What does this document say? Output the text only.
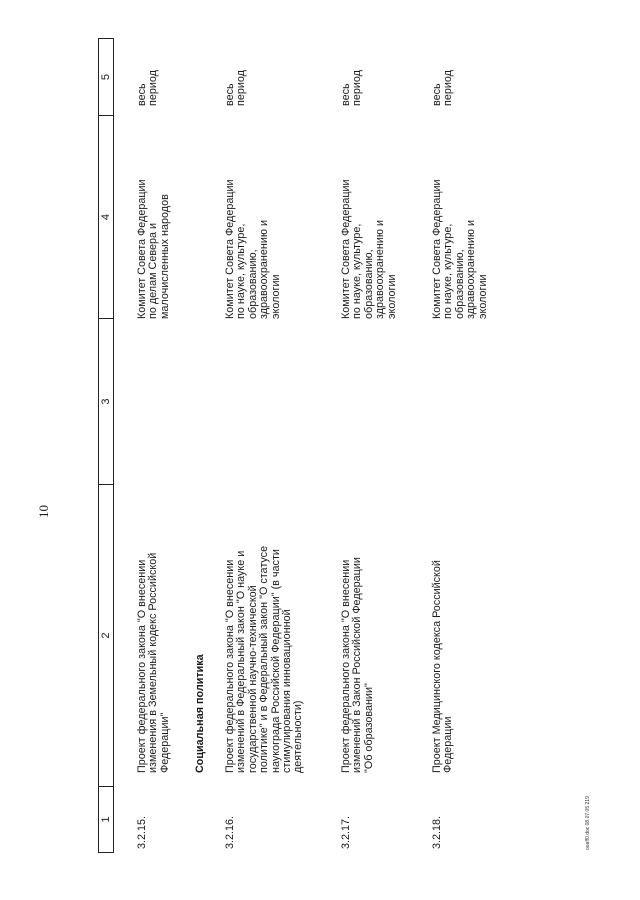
1
2
3
4
5
10
3.2.15.
Проект федерального закона "О внесении
изменения в Земельный кодекс Российской
Федерации"
Комитет Совета Федерации
по делам Севера и
малочисленных народов
весь
период
Социальная политика
3.2.16.
Проект федерального закона "О внесении
изменений в Федеральный закон "О науке и
государственной научно-технической
политике" и в Федеральный закон "О статусе
наукограда Российской Федерации" (в части
стимулирования инновационной
деятельности)
Комитет Совета Федерации
по науке, культуре,
образованию,
здравоохранению и
экологии
весь
период
3.2.17.
Проект федерального закона "О внесении
изменений в Закон Российской Федерации
"Об образовании"
Комитет Совета Федерации
по науке, культуре,
образованию,
здравоохранению и
экологии
весь
период
3.2.18.
Проект Медицинского кодекса Российской
Федерации
Комитет Совета Федерации
по науке, культуре,
образованию,
здравоохранению и
экологии
весь
период
ooaff0.doc 08.07.05 219
